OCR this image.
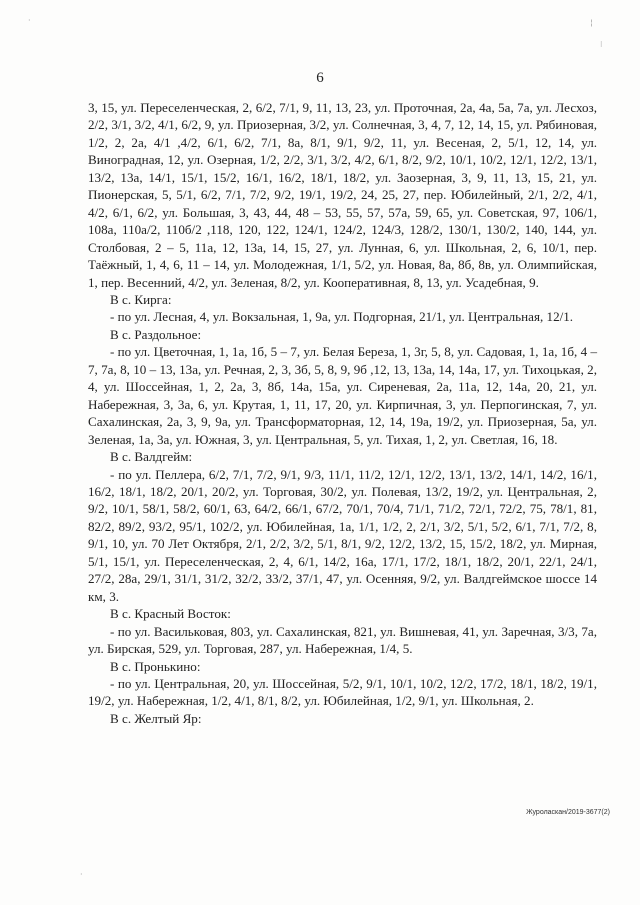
6

3, 15, ул. Переселенческая, 2, 6/2, 7/1, 9, 11, 13, 23, ул. Проточная, 2а, 4а, 5а, 7а, ул. Лесхоз, 2/2, 3/1, 3/2, 4/1, 6/2, 9, ул. Приозерная, 3/2, ул. Солнечная, 3, 4, 7, 12, 14, 15, ул. Рябиновая, 1/2, 2, 2а, 4/1 ,4/2, 6/1, 6/2, 7/1, 8а, 8/1, 9/1, 9/2, 11, ул. Весеная, 2, 5/1, 12, 14, ул. Виноградная, 12, ул. Озерная, 1/2, 2/2, 3/1, 3/2, 4/2, 6/1, 8/2, 9/2, 10/1, 10/2, 12/1, 12/2, 13/1, 13/2, 13а, 14/1, 15/1, 15/2, 16/1, 16/2, 18/1, 18/2, ул. Заозерная, 3, 9, 11, 13, 15, 21, ул. Пионерская, 5, 5/1, 6/2, 7/1, 7/2, 9/2, 19/1, 19/2, 24, 25, 27, пер. Юбилейный, 2/1, 2/2, 4/1, 4/2, 6/1, 6/2, ул. Большая, 3, 43, 44, 48 – 53, 55, 57, 57а, 59, 65, ул. Советская, 97, 106/1, 108а, 110а/2, 110б/2 ,118, 120, 122, 124/1, 124/2, 124/3, 128/2, 130/1, 130/2, 140, 144, ул. Столбовая, 2 – 5, 11а, 12, 13а, 14, 15, 27, ул. Лунная, 6, ул. Школьная, 2, 6, 10/1, пер. Таёжный, 1, 4, 6, 11 – 14, ул. Молодежная, 1/1, 5/2, ул. Новая, 8а, 8б, 8в, ул. Олимпийская, 1, пер. Весенний, 4/2, ул. Зеленая, 8/2, ул. Кооперативная, 8, 13, ул. Усадебная, 9.

В с. Кирга:

- по ул. Лесная, 4, ул. Вокзальная, 1, 9а, ул. Подгорная, 21/1, ул. Центральная, 12/1.

В с. Раздольное:

- по ул. Цветочная, 1, 1а, 1б, 5 – 7, ул. Белая Береза, 1, 3г, 5, 8, ул. Садовая, 1, 1а, 1б, 4 – 7, 7а, 8, 10 – 13, 13а, ул. Речная, 2, 3, 3б, 5, 8, 9, 9б ,12, 13, 13а, 14, 14а, 17, ул. Тихоцькая, 2, 4, ул. Шоссейная, 1, 2, 2а, 3, 8б, 14а, 15а, ул. Сиреневая, 2а, 11а, 12, 14а, 20, 21, ул. Набережная, 3, 3а, 6, ул. Крутая, 1, 11, 17, 20, ул. Кирпичная, 3, ул. Перпогинская, 7, ул. Сахалинская, 2а, 3, 9, 9а, ул. Трансформаторная, 12, 14, 19а, 19/2, ул. Приозерная, 5а, ул. Зеленая, 1а, 3а, ул. Южная, 3, ул. Центральная, 5, ул. Тихая, 1, 2, ул. Светлая, 16, 18.

В с. Валдгейм:

- по ул. Пеллера, 6/2, 7/1, 7/2, 9/1, 9/3, 11/1, 11/2, 12/1, 12/2, 13/1, 13/2, 14/1, 14/2, 16/1, 16/2, 18/1, 18/2, 20/1, 20/2, ул. Торговая, 30/2, ул. Полевая, 13/2, 19/2, ул. Центральная, 2, 9/2, 10/1, 58/1, 58/2, 60/1, 63, 64/2, 66/1, 67/2, 70/1, 70/4, 71/1, 71/2, 72/1, 72/2, 75, 78/1, 81, 82/2, 89/2, 93/2, 95/1, 102/2, ул. Юбилейная, 1а, 1/1, 1/2, 2, 2/1, 3/2, 5/1, 5/2, 6/1, 7/1, 7/2, 8, 9/1, 10, ул. 70 Лет Октября, 2/1, 2/2, 3/2, 5/1, 8/1, 9/2, 12/2, 13/2, 15, 15/2, 18/2, ул. Мирная, 5/1, 15/1, ул. Переселенческая, 2, 4, 6/1, 14/2, 16а, 17/1, 17/2, 18/1, 18/2, 20/1, 22/1, 24/1, 27/2, 28а, 29/1, 31/1, 31/2, 32/2, 33/2, 37/1, 47, ул. Осенняя, 9/2, ул. Валдгеймское шоссе 14 км, 3.

В с. Красный Восток:

- по ул. Васильковая, 803, ул. Сахалинская, 821, ул. Вишневая, 41, ул. Заречная, 3/3, 7а, ул. Бирская, 529, ул. Торговая, 287, ул. Набережная, 1/4, 5.

В с. Пронькино:

- по ул. Центральная, 20, ул. Шоссейная, 5/2, 9/1, 10/1, 10/2, 12/2, 17/2, 18/1, 18/2, 19/1, 19/2, ул. Набережная, 1/2, 4/1, 8/1, 8/2, ул. Юбилейная, 1/2, 9/1, ул. Школьная, 2.

В с. Желтый Яр:

Журоласкан/2019-3677(2)
·	¦
⁝
·
